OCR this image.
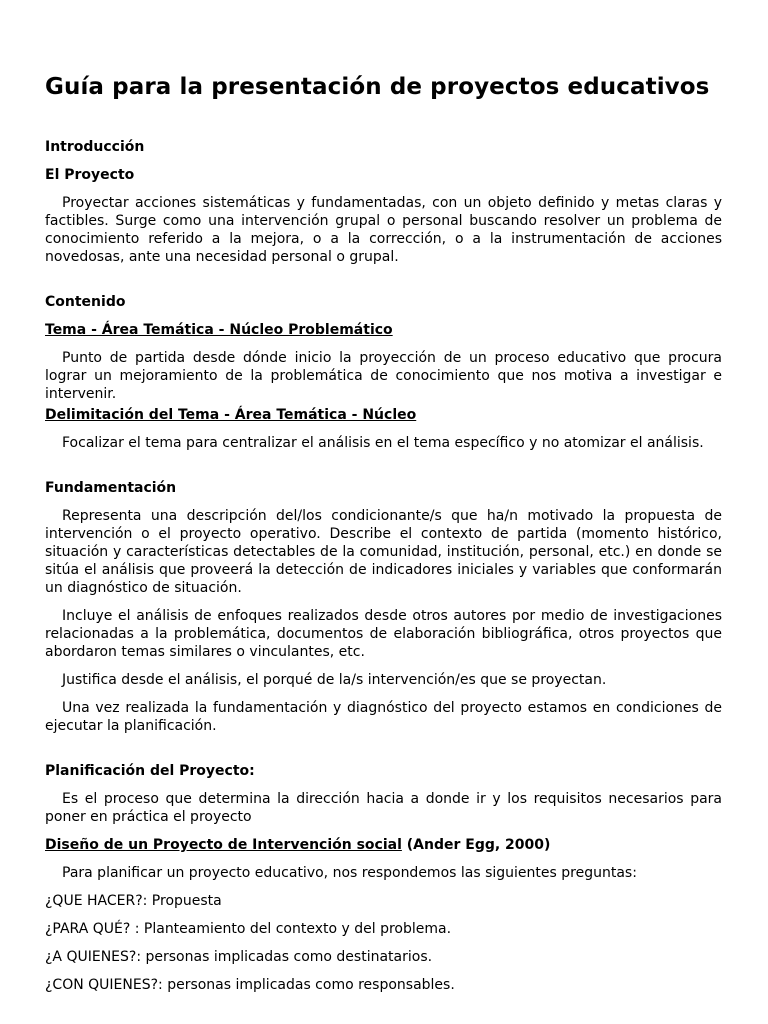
Guía para la presentación de proyectos educativos
Introducción
El Proyecto

Proyectar acciones sistemáticas y fundamentadas, con un objeto definido y metas claras y factibles. Surge como una intervención grupal o personal buscando resolver un problema de conocimiento referido a la mejora, o a la corrección, o a la instrumentación de acciones novedosas, ante una necesidad personal o grupal.

Contenido
Tema - Área Temática - Núcleo Problemático

Punto de partida desde dónde inicio la proyección de un proceso educativo que procura lograr un mejoramiento de la problemática de conocimiento que nos motiva a investigar e intervenir.

Delimitación del Tema - Área Temática - Núcleo

Focalizar el tema para centralizar el análisis en el tema específico y no atomizar el análisis.

Fundamentación

Representa una descripción del/los condicionante/s que ha/n motivado la propuesta de intervención o el proyecto operativo. Describe el contexto de partida (momento histórico, situación y características detectables de la comunidad, institución, personal, etc.) en donde se sitúa el análisis que proveerá la detección de indicadores iniciales y variables que conformarán un diagnóstico de situación.

Incluye el análisis de enfoques realizados desde otros autores por medio de investigaciones relacionadas a la problemática, documentos de elaboración bibliográfica, otros proyectos que abordaron temas similares o vinculantes, etc.

Justifica desde el análisis, el porqué de la/s intervención/es que se proyectan.

Una vez realizada la fundamentación y diagnóstico del proyecto estamos en condiciones de ejecutar la planificación.

Planificación del Proyecto:

Es el proceso que determina la dirección hacia a donde ir y los requisitos necesarios para poner en práctica el proyecto

Diseño de un Proyecto de Intervención social (Ander Egg, 2000)

Para planificar un proyecto educativo, nos respondemos las siguientes preguntas:

¿QUE HACER?: Propuesta

¿PARA QUÉ? : Planteamiento del contexto y del problema.

¿A QUIENES?: personas implicadas como destinatarios.

¿CON QUIENES?: personas implicadas como responsables.
